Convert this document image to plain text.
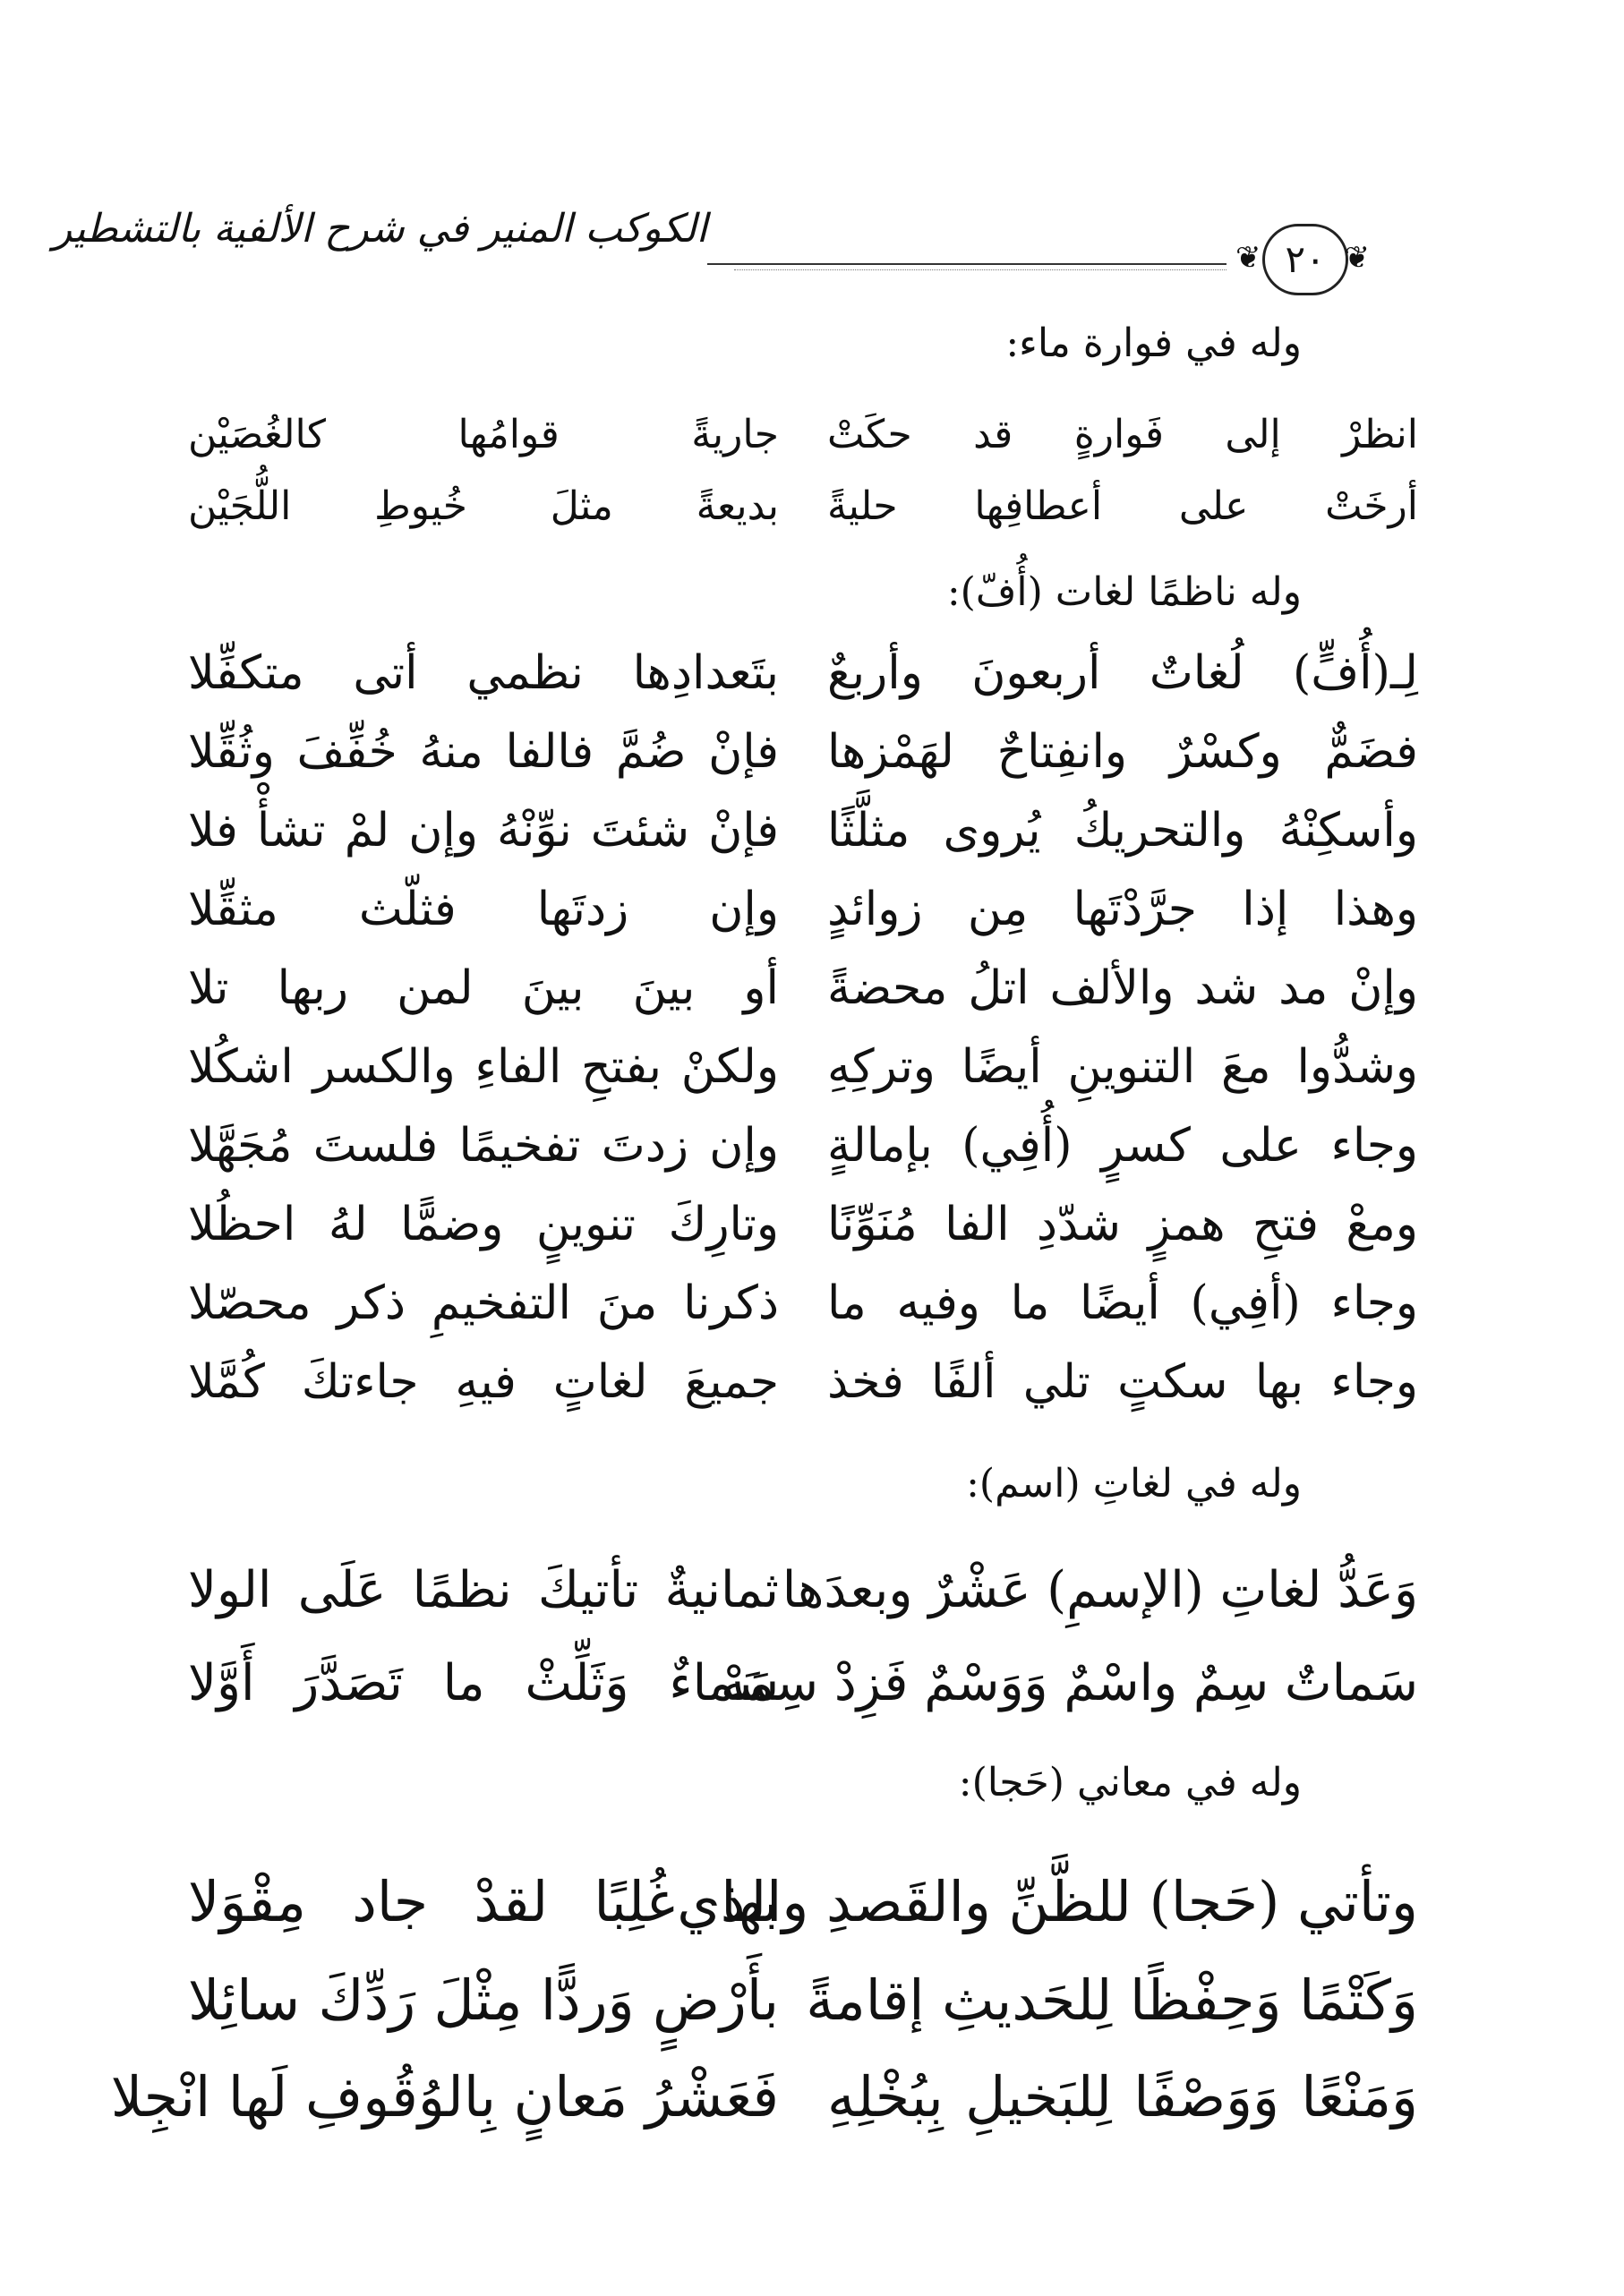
الكوكب المنير في شرح الألفية بالتشطير
❦ ٢٠ ❦
وله في فوارة ماء:
انظرْ إلى فَوارةٍ قد حكَتْ
جاريةً قوامُها كالغُصَيْن
أرخَتْ على أعطافِها حليةً
بديعةً مثلَ خُيوطِ اللُّجَيْن
وله ناظمًا لغات (أُفّ):
لِـ(أُفٍّ) لُغاتٌ أربعونَ وأربعٌ
بتَعدادِها نظمي أتى متكفِّلا
فضَمٌّ وكسْرٌ وانفِتاحٌ لهَمْزها
فإنْ ضُمَّ فالفا منهُ خُفِّفَ وثُقِّلا
وأسكِنْهُ والتحريكُ يُروى مثلَّثًا
فإنْ شئتَ نوِّنْهُ وإن لمْ تشأْ فلا
وهذا إذا جرَّدْتَها مِن زوائدٍ
وإن زدتَها فثلّث مثقِّلا
وإنْ مد شد والألف اتلُ محضةً
أو بينَ بينَ لمن ربها تلا
وشدُّوا معَ التنوينِ أيضًا وتركِهِ
ولكنْ بفتحِ الفاءِ والكسر اشكُلا
وجاء على كسرٍ (أُفِي) بإمالةٍ
وإن زدتَ تفخيمًا فلستَ مُجَهَّلا
ومعْ فتحِ همزٍ شدّدِ الفا مُنَوِّنًا
وتارِكَ تنوينٍ وضمًّا لهُ احظُلا
وجاء (أفِي) أيضًا ما وفيه ما
ذكرنا منَ التفخيمِ ذكر محصّلا
وجاء بها سكتٍ تلي ألفًا فخذ
جميعَ لغاتٍ فيهِ جاءتكَ كُمَّلا
وله في لغاتِ (اسم):
وَعَدُّ لغاتِ (الإسمِ) عَشْرٌ وبعدَها
ثمانيةٌ تأتيكَ نظمًا عَلَى الولا
سَماتٌ سِمٌ واسْمٌ وَوَسْمٌ فَزِدْ سِمَهْ
سَماءٌ وَثَلِّثْ ما تَصَدَّرَ أَوَّلا
وله في معاني (حَجا):
وتأتي (حَجا) للظَّنِّ والقَصدِ والذي
بها غُلِبًا لقدْ جاد مِقْوَلا
وَكَتْمًا وَحِفْظًا لِلحَديثِ إقامةً
بأَرْضٍ وَردًّا مِثْلَ رَدِّكَ سائِلا
وَمَنْعًا وَوَصْفًا لِلبَخيلِ بِبُخْلِهِ
فَعَشْرُ مَعانٍ بِالوُقُوفِ لَها انْجِلا
